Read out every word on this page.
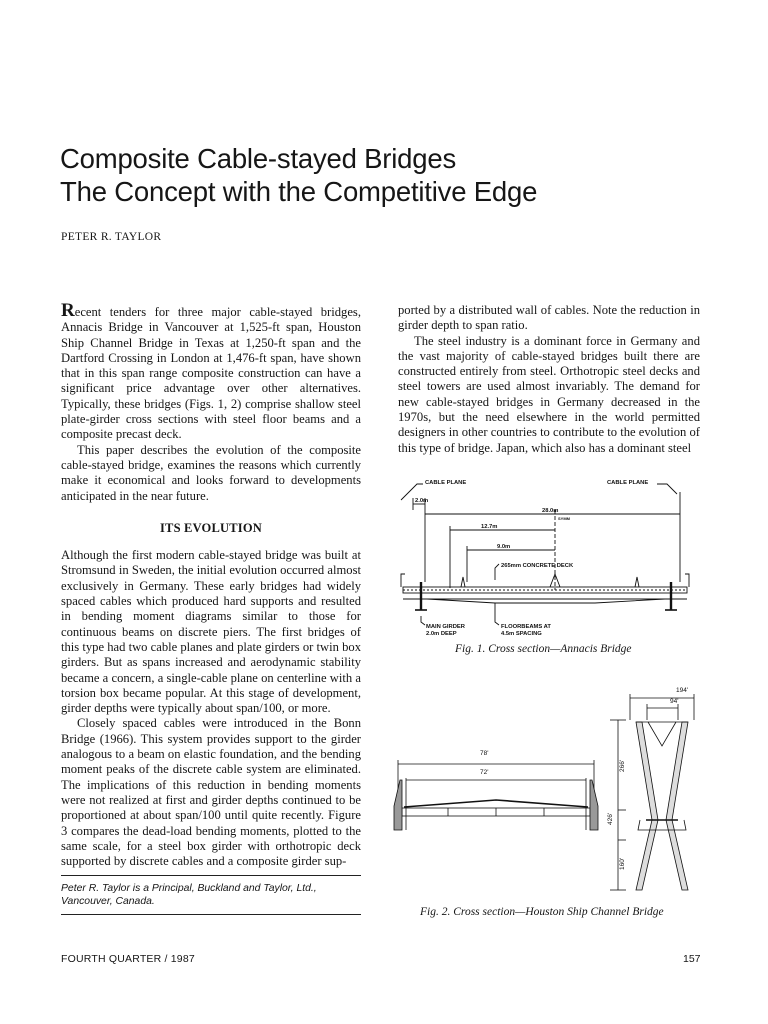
Composite Cable-stayed Bridges
The Concept with the Competitive Edge
PETER R. TAYLOR

Recent tenders for three major cable-stayed bridges, Annacis Bridge in Vancouver at 1,525-ft span, Houston Ship Channel Bridge in Texas at 1,250-ft span and the Dartford Crossing in London at 1,476-ft span, have shown that in this span range composite construction can have a significant price advantage over other alternatives. Typically, these bridges (Figs. 1, 2) comprise shallow steel plate-girder cross sections with steel floor beams and a composite precast deck.

This paper describes the evolution of the composite cable-stayed bridge, examines the reasons which currently make it economical and looks forward to developments anticipated in the near future.

ITS EVOLUTION

Although the first modern cable-stayed bridge was built at Stromsund in Sweden, the initial evolution occurred almost exclusively in Germany. These early bridges had widely spaced cables which produced hard supports and resulted in bending moment diagrams similar to those for continuous beams on discrete piers. The first bridges of this type had two cable planes and plate girders or twin box girders. But as spans increased and aerodynamic stability became a concern, a single-cable plane on centerline with a torsion box became popular. At this stage of development, girder depths were typically about span/100, or more.

Closely spaced cables were introduced in the Bonn Bridge (1966). This system provides support to the girder analogous to a beam on elastic foundation, and the bending moment peaks of the discrete cable system are eliminated. The implications of this reduction in bending moments were not realized at first and girder depths continued to be proportioned at about span/100 until quite recently. Figure 3 compares the dead-load bending moments, plotted to the same scale, for a steel box girder with orthotropic deck supported by discrete cables and a composite girder sup-

Peter R. Taylor is a Principal, Buckland and Taylor, Ltd., Vancouver, Canada.

ported by a distributed wall of cables. Note the reduction in girder depth to span ratio.

The steel industry is a dominant force in Germany and the vast majority of cable-stayed bridges built there are constructed entirely from steel. Orthotropic steel decks and steel towers are used almost invariably. The demand for new cable-stayed bridges in Germany decreased in the 1970s, but the need elsewhere in the world permitted designers in other countries to contribute to the evolution of this type of bridge. Japan, which also has a dominant steel

CABLE PLANE	CABLE PLANE
2.0m
28.0m
SYMM
12.7m
9.0m
265mm CONCRETE DECK
MAIN GIRDER
2.0m DEEP
FLOORBEAMS AT
4.5m SPACING
Fig. 1. Cross section—Annacis Bridge
194'
94'
78'
72'
266'
426'
160'
Fig. 2. Cross section—Houston Ship Channel Bridge
FOURTH QUARTER / 1987	157
